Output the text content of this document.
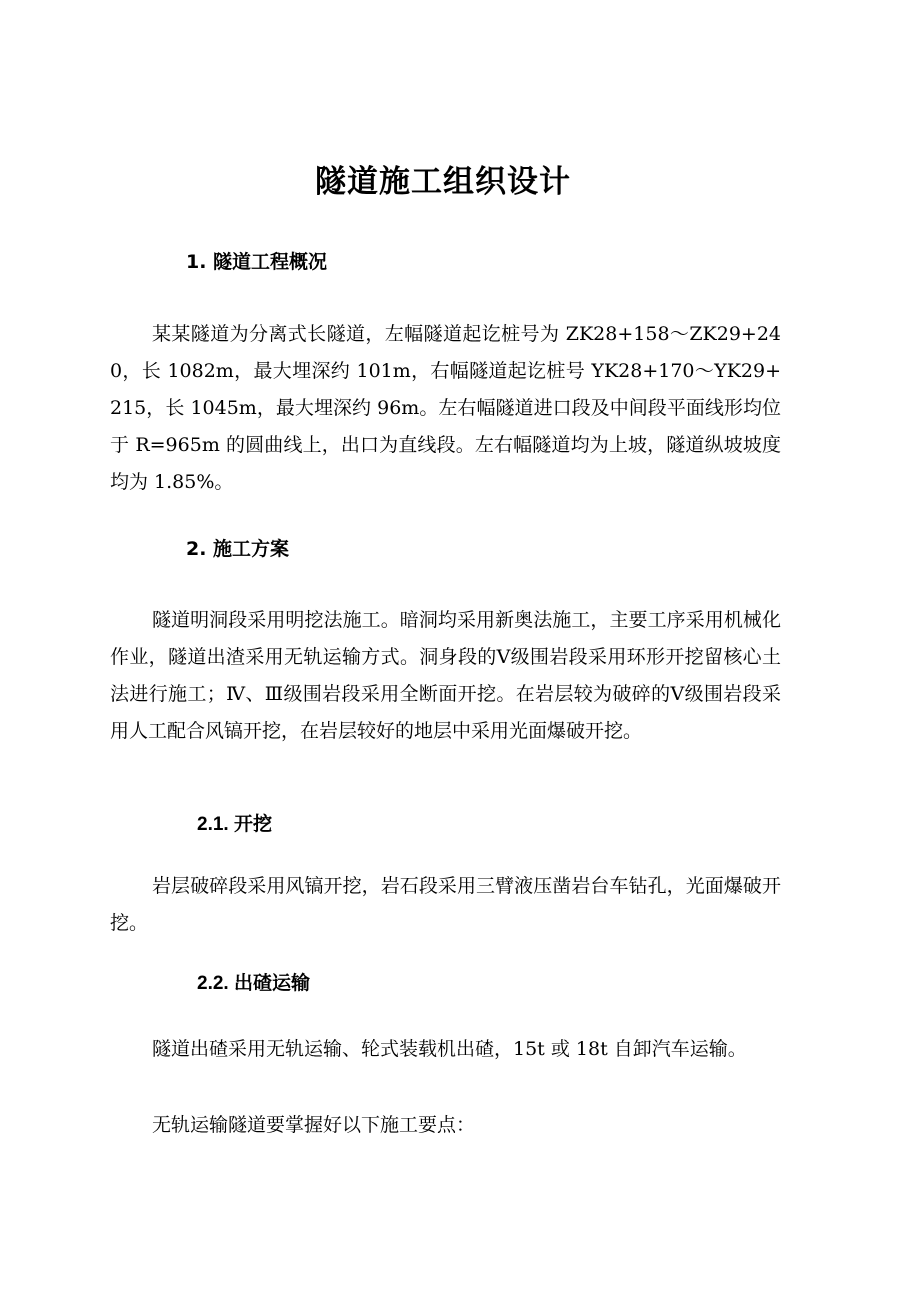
隧道施工组织设计
1. 隧道工程概况

某某隧道为分离式长隧道，左幅隧道起讫桩号为 ZK28+158～ZK29+240，长 1082m，最大埋深约 101m，右幅隧道起讫桩号 YK28+170～YK29+215，长 1045m，最大埋深约 96m。左右幅隧道进口段及中间段平面线形均位于 R=965m 的圆曲线上，出口为直线段。左右幅隧道均为上坡，隧道纵坡坡度均为 1.85%。

2. 施工方案

隧道明洞段采用明挖法施工。暗洞均采用新奥法施工，主要工序采用机械化作业，隧道出渣采用无轨运输方式。洞身段的Ⅴ级围岩段采用环形开挖留核心土法进行施工；Ⅳ、Ⅲ级围岩段采用全断面开挖。在岩层较为破碎的Ⅴ级围岩段采用人工配合风镐开挖，在岩层较好的地层中采用光面爆破开挖。

2.1. 开挖

岩层破碎段采用风镐开挖，岩石段采用三臂液压凿岩台车钻孔，光面爆破开挖。

2.2. 出碴运输

隧道出碴采用无轨运输、轮式装载机出碴，15t 或 18t 自卸汽车运输。

无轨运输隧道要掌握好以下施工要点：
